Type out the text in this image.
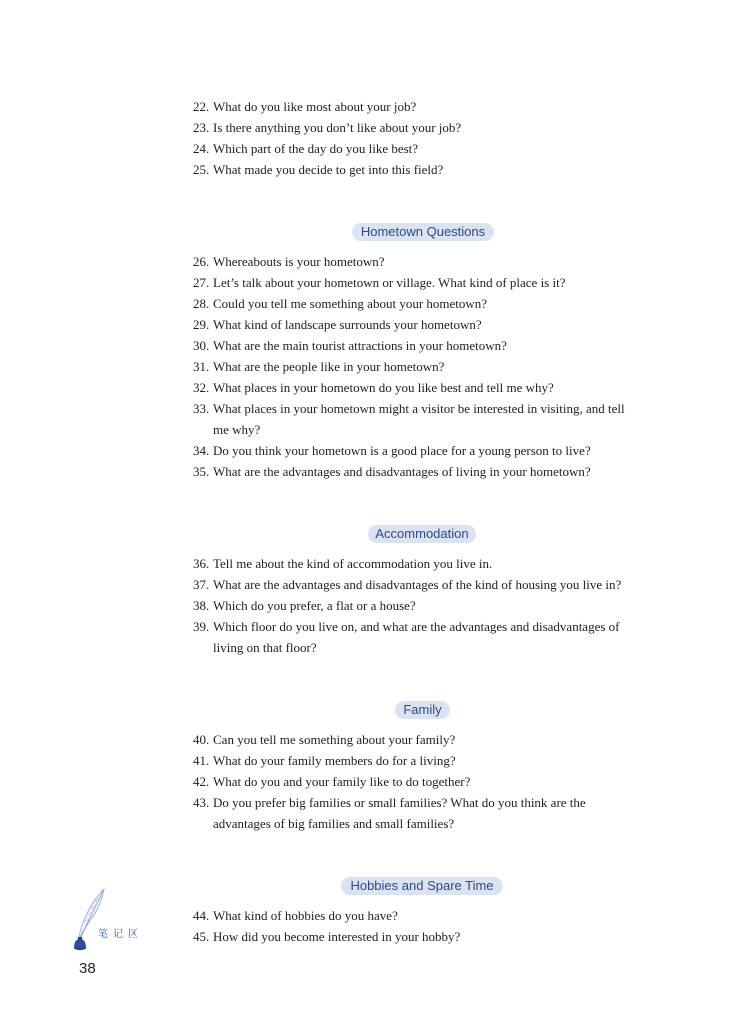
22. What do you like most about your job?
23. Is there anything you don’t like about your job?
24. Which part of the day do you like best?
25. What made you decide to get into this field?
Hometown Questions
26. Whereabouts is your hometown?
27. Let’s talk about your hometown or village. What kind of place is it?
28. Could you tell me something about your hometown?
29. What kind of landscape surrounds your hometown?
30. What are the main tourist attractions in your hometown?
31. What are the people like in your hometown?
32. What places in your hometown do you like best and tell me why?
33. What places in your hometown might a visitor be interested in visiting, and tell
me why?
34. Do you think your hometown is a good place for a young person to live?
35. What are the advantages and disadvantages of living in your hometown?
Accommodation
36. Tell me about the kind of accommodation you live in.
37. What are the advantages and disadvantages of the kind of housing you live in?
38. Which do you prefer, a flat or a house?
39. Which floor do you live on, and what are the advantages and disadvantages of
living on that floor?
Family
40. Can you tell me something about your family?
41. What do your family members do for a living?
42. What do you and your family like to do together?
43. Do you prefer big families or small families? What do you think are the
advantages of big families and small families?
Hobbies and Spare Time
44. What kind of hobbies do you have?
45. How did you become interested in your hobby?
笔记区
38
